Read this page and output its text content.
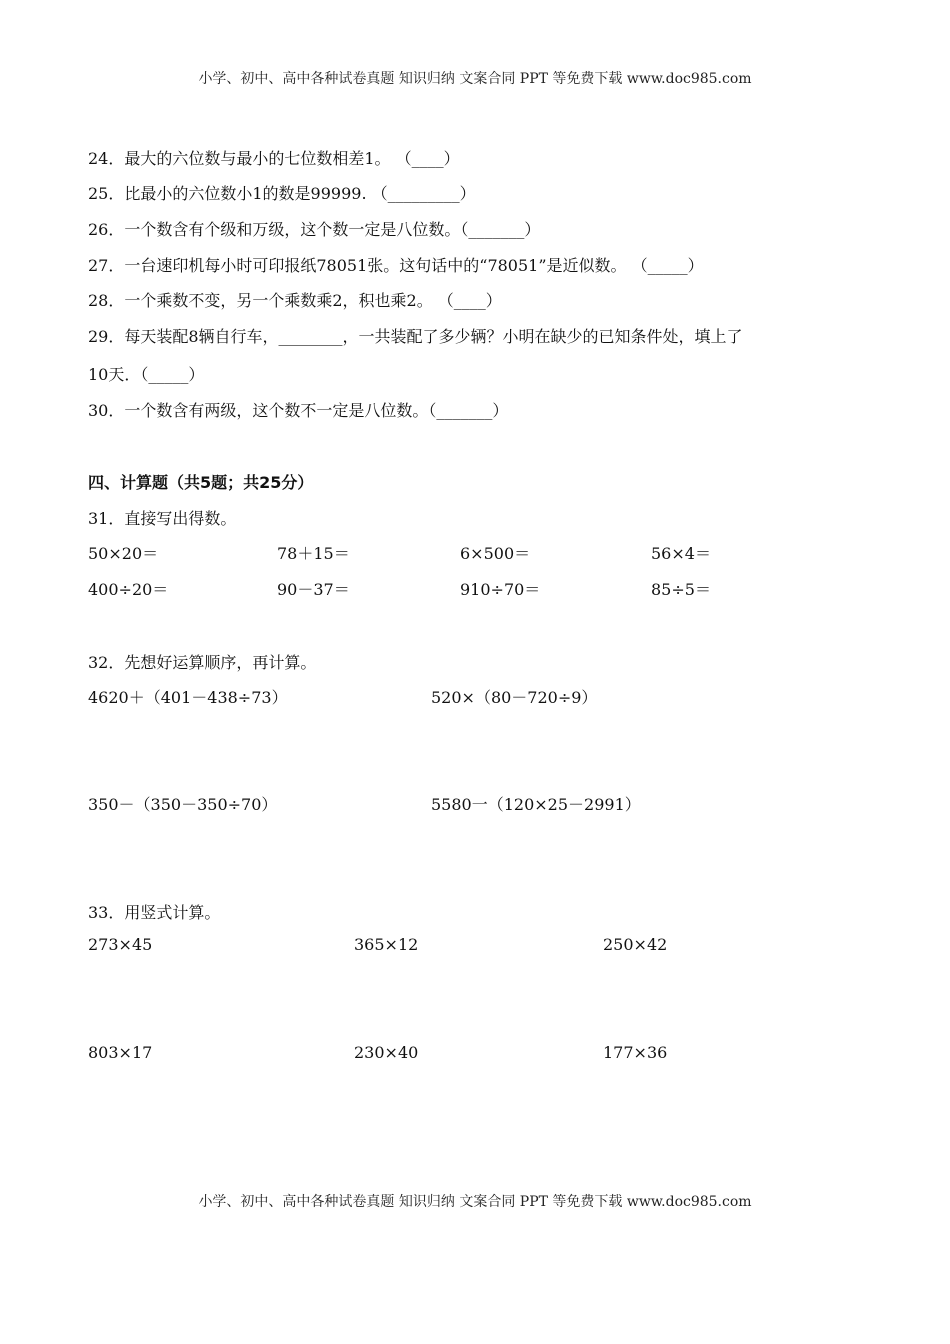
小学、初中、高中各种试卷真题 知识归纳 文案合同 PPT 等免费下载 www.doc985.com
24．最大的六位数与最小的七位数相差1。 （____）
25．比最小的六位数小1的数是99999. （_________）
26．一个数含有个级和万级，这个数一定是八位数。（_______）
27．一台速印机每小时可印报纸78051张。这句话中的“78051”是近似数。 （_____）
28．一个乘数不变，另一个乘数乘2，积也乘2。 （____）
29．每天装配8辆自行车，________，一共装配了多少辆？小明在缺少的已知条件处，填上了
10天．（_____）
30．一个数含有两级，这个数不一定是八位数。（_______）
四、计算题（共5题；共25分）
31．直接写出得数。
50×20＝	78＋15＝	6×500＝	56×4＝
400÷20＝	90－37＝	910÷70＝	85÷5＝
32．先想好运算顺序，再计算。
4620＋（401－438÷73）	520×（80－720÷9）
350－（350－350÷70）	5580一（120×25－2991）
33．用竖式计算。
273×45	365×12	250×42
803×17	230×40	177×36
小学、初中、高中各种试卷真题 知识归纳 文案合同 PPT 等免费下载 www.doc985.com
